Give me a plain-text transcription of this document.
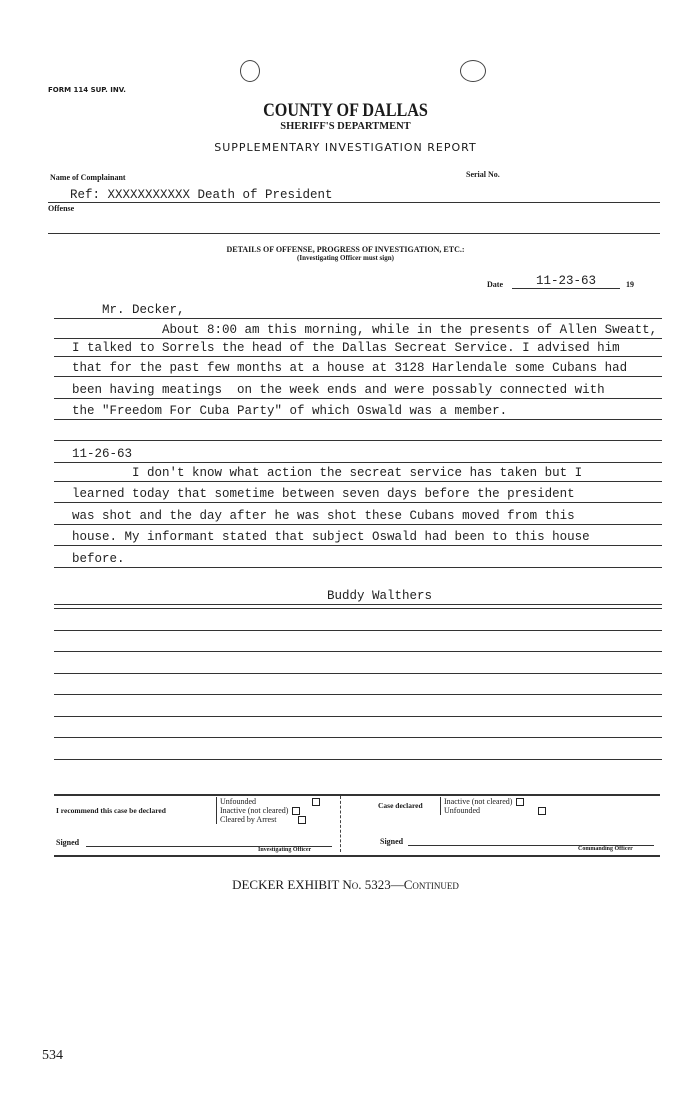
FORM 114 SUP. INV.
COUNTY OF DALLAS
SHERIFF'S DEPARTMENT
SUPPLEMENTARY INVESTIGATION REPORT
Name of Complainant	Serial No.
Ref: XXXXXXXXXXX Death of President
Offense
DETAILS OF OFFENSE, PROGRESS OF INVESTIGATION, ETC.:
(Investigating Officer must sign)
Date	11-23-63	19
Mr. Decker,
About 8:00 am this morning, while in the presents of Allen Sweatt,
I talked to Sorrels the head of the Dallas Secreat Service. I advised him
that for the past few months at a house at 3128 Harlendale some Cubans had
been having meatings  on the week ends and were possably connected with
the "Freedom For Cuba Party" of which Oswald was a member.
11-26-63
I don't know what action the secreat service has taken but I
learned today that sometime between seven days before the president
was shot and the day after he was shot these Cubans moved from this
house. My informant stated that subject Oswald had been to this house
before.
Buddy Walthers
I recommend this case be declared
Unfounded
Inactive (not cleared)
Cleared by Arrest
Case declared	Inactive (not cleared)
Unfounded
Signed
Investigating Officer
Signed
Commanding Officer
DECKER EXHIBIT No. 5323—Continued
534
